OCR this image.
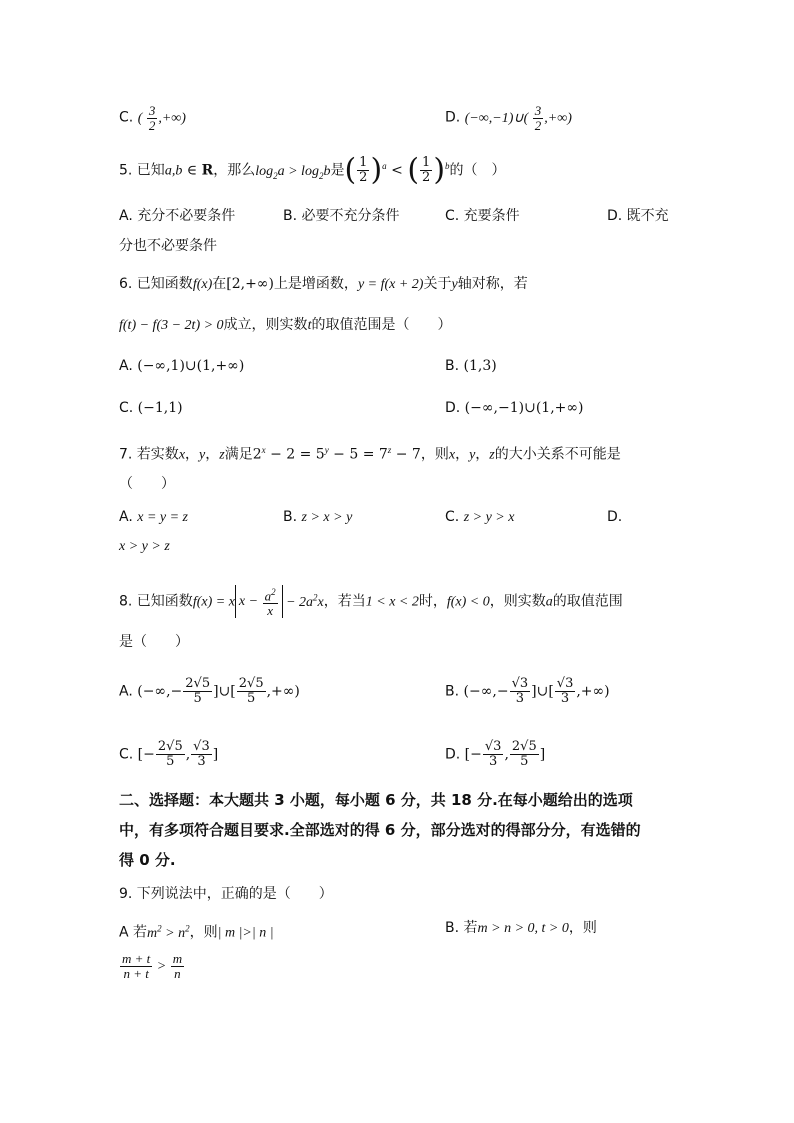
C. ( $\frac{3}{2}$ ,+∞)	D. (−∞,−1)∪( $\frac{3}{2}$ ,+∞)
5. 已知a,b ∈ R，那么$\log_2a > \log_2b$是( $\frac{1}{2} )^a$ < ( $\frac{1}{2} )^b$的（　）
A. 充分不必要条件	B. 必要不充分条件	C. 充要条件	D. 既不充
分也不必要条件
6. 已知函数f(x)在[2,+∞)上是增函数，y = f(x + 2)关于y轴对称，若
f(t) − f(3 − 2t) > 0成立，则实数t的取值范围是（　　）
A. (−∞,1)∪(1,+∞)	B. (1,3)
C. (−1,1)	D. (−∞,−1)∪(1,+∞)
7. 若实数x，y，z满足$2^x - 2 = 5^y - 5 = 7^z - 7$，则x，y，z的大小关系不可能是
（　　）
A. x = y = z	B. z > x > y	C. z > y > x	D.
x > y > z
8. 已知函数f(x) = x $x - \frac{a^2}{x} - 2a^2x$，若当1 < x < 2时，f(x) < 0，则实数a的取值范围
是（　　）
A. (−∞,− $\frac{2√5}{5}$ ]∪[ $\frac{2√5}{5}$ ,+∞)	B. (−∞,− $\frac{√3}{3}$ ]∪[ $\frac{√3}{3}$ ,+∞)
C. [− $\frac{2√5}{5}$ , $\frac{√3}{3}$ ]	D. [− $\frac{√3}{3}$ , $\frac{2√5}{5}$ ]
二、选择题：本大题共 3 小题，每小题 6 分，共 18 分.在每小题给出的选项
中，有多项符合题目要求.全部选对的得 6 分，部分选对的得部分分，有选错的
得 0 分.
9. 下列说法中，正确的是（　　）
A 若$m^2 > n^2$，则| m |>| n |	B. 若m > n > 0, t > 0，则
$\frac{m + t}{n + t} > \frac{m}{n}$
